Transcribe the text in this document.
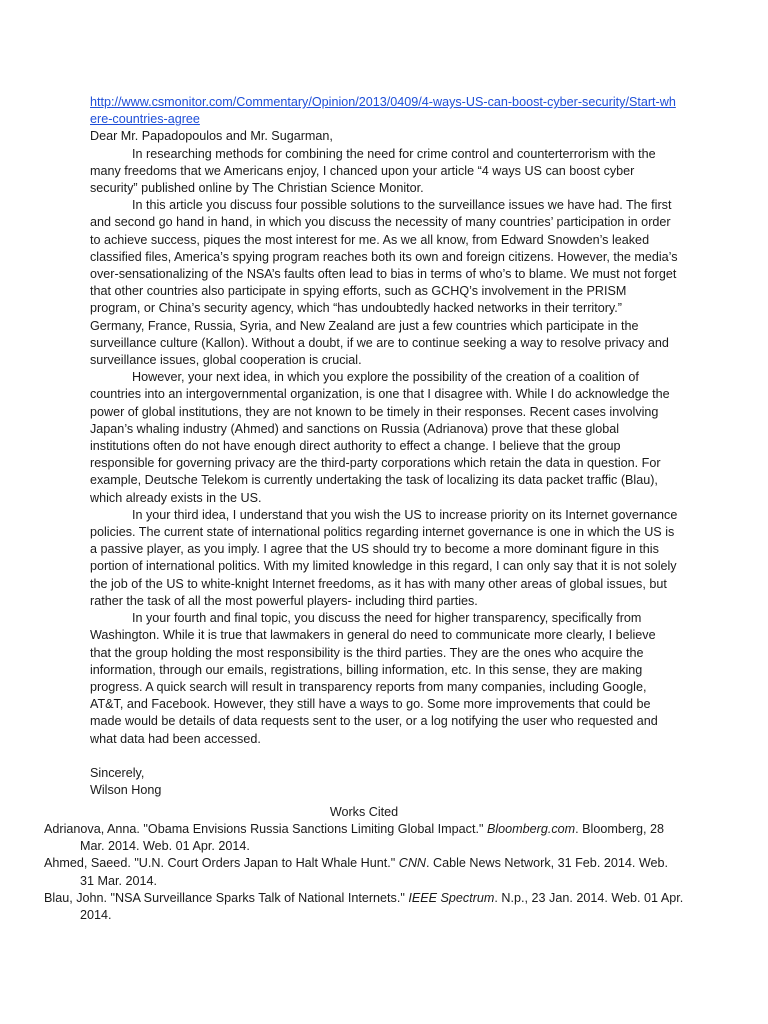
http://www.csmonitor.com/Commentary/Opinion/2013/0409/4-ways-US-can-boost-cyber-security/Start-where-countries-agree

Dear Mr. Papadopoulos and Mr. Sugarman,

In researching methods for combining the need for crime control and counterterrorism with the many freedoms that we Americans enjoy, I chanced upon your article “4 ways US can boost cyber security” published online by The Christian Science Monitor.

In this article you discuss four possible solutions to the surveillance issues we have had. The first and second go hand in hand, in which you discuss the necessity of many countries’ participation in order to achieve success, piques the most interest for me. As we all know, from Edward Snowden’s leaked classified files, America’s spying program reaches both its own and foreign citizens. However, the media’s over-sensationalizing of the NSA’s faults often lead to bias in terms of who’s to blame. We must not forget that other countries also participate in spying efforts, such as GCHQ’s involvement in the PRISM program, or China’s security agency, which “has undoubtedly hacked networks in their territory.” Germany, France, Russia, Syria, and New Zealand are just a few countries which participate in the surveillance culture (Kallon). Without a doubt, if we are to continue seeking a way to resolve privacy and surveillance issues, global cooperation is crucial.

However, your next idea, in which you explore the possibility of the creation of a coalition of countries into an intergovernmental organization, is one that I disagree with. While I do acknowledge the power of global institutions, they are not known to be timely in their responses. Recent cases involving Japan’s whaling industry (Ahmed) and sanctions on Russia (Adrianova) prove that these global institutions often do not have enough direct authority to effect a change. I believe that the group responsible for governing privacy are the third-party corporations which retain the data in question. For example, Deutsche Telekom is currently undertaking the task of localizing its data packet traffic (Blau), which already exists in the US.

In your third idea, I understand that you wish the US to increase priority on its Internet governance policies. The current state of international politics regarding internet governance is one in which the US is a passive player, as you imply. I agree that the US should try to become a more dominant figure in this portion of international politics. With my limited knowledge in this regard, I can only say that it is not solely the job of the US to white-knight Internet freedoms, as it has with many other areas of global issues, but rather the task of all the most powerful players- including third parties.

In your fourth and final topic, you discuss the need for higher transparency, specifically from Washington. While it is true that lawmakers in general do need to communicate more clearly, I believe that the group holding the most responsibility is the third parties. They are the ones who acquire the information, through our emails, registrations, billing information, etc. In this sense, they are making progress. A quick search will result in transparency reports from many companies, including Google, AT&T, and Facebook. However, they still have a ways to go. Some more improvements that could be made would be details of data requests sent to the user, or a log notifying the user who requested and what data had been accessed.

Sincerely,

Wilson Hong

Works Cited

Adrianova, Anna. "Obama Envisions Russia Sanctions Limiting Global Impact." Bloomberg.com. Bloomberg, 28 Mar. 2014. Web. 01 Apr. 2014.

Ahmed, Saeed. "U.N. Court Orders Japan to Halt Whale Hunt." CNN. Cable News Network, 31 Feb. 2014. Web. 31 Mar. 2014.

Blau, John. "NSA Surveillance Sparks Talk of National Internets." IEEE Spectrum. N.p., 23 Jan. 2014. Web. 01 Apr. 2014.
